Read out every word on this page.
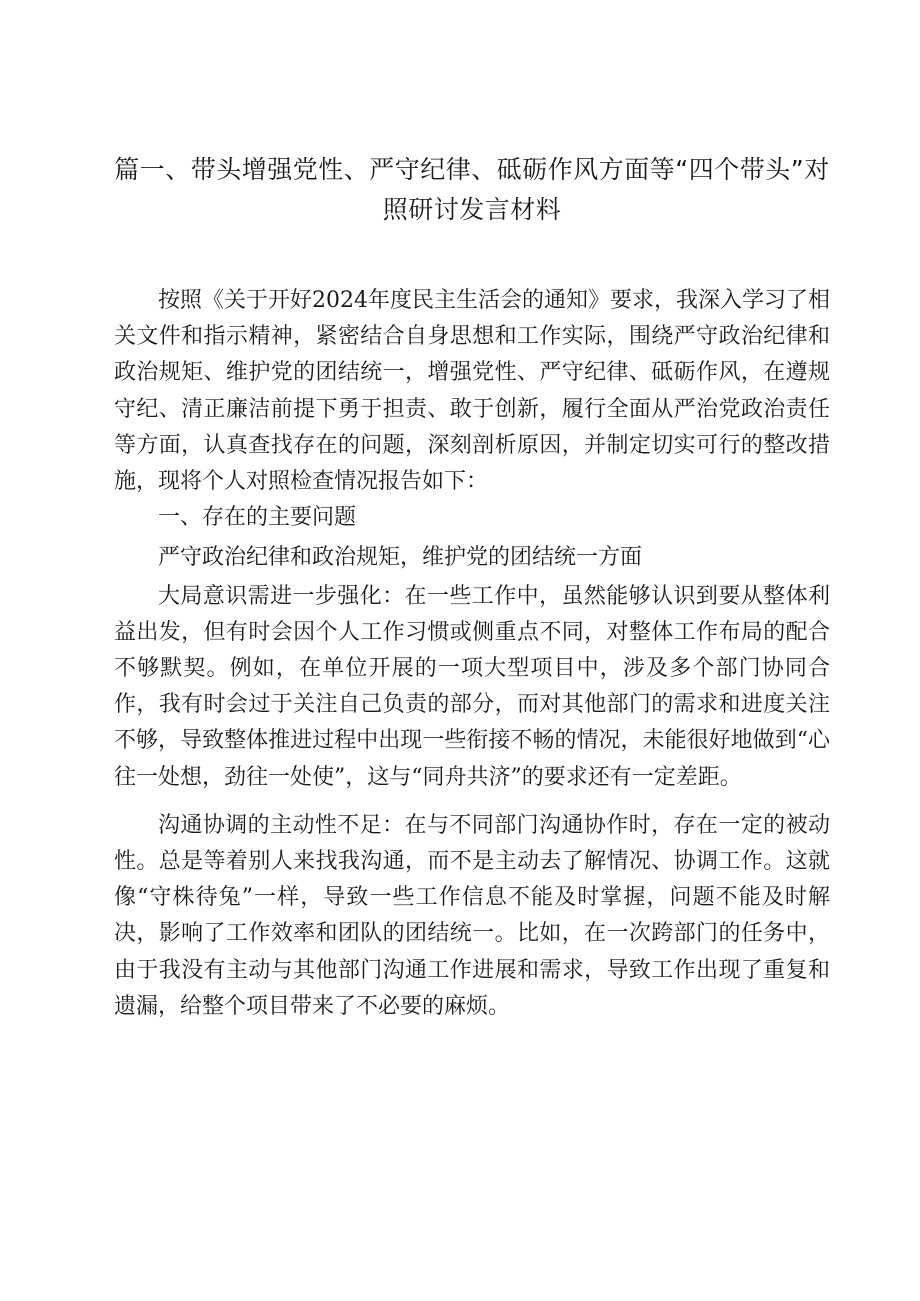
篇一、带头增强党性、严守纪律、砥砺作风方面等“四个带头”对
照研讨发言材料

按照《关于开好2024年度民主生活会的通知》要求，我深入学习了相关文件和指示精神，紧密结合自身思想和工作实际，围绕严守政治纪律和政治规矩、维护党的团结统一，增强党性、严守纪律、砥砺作风，在遵规守纪、清正廉洁前提下勇于担责、敢于创新，履行全面从严治党政治责任等方面，认真查找存在的问题，深刻剖析原因，并制定切实可行的整改措施，现将个人对照检查情况报告如下：

一、存在的主要问题

严守政治纪律和政治规矩，维护党的团结统一方面

大局意识需进一步强化：在一些工作中，虽然能够认识到要从整体利益出发，但有时会因个人工作习惯或侧重点不同，对整体工作布局的配合不够默契。例如，在单位开展的一项大型项目中，涉及多个部门协同合作，我有时会过于关注自己负责的部分，而对其他部门的需求和进度关注不够，导致整体推进过程中出现一些衔接不畅的情况，未能很好地做到“心往一处想，劲往一处使”，这与“同舟共济”的要求还有一定差距。

沟通协调的主动性不足：在与不同部门沟通协作时，存在一定的被动性。总是等着别人来找我沟通，而不是主动去了解情况、协调工作。这就像“守株待兔”一样，导致一些工作信息不能及时掌握，问题不能及时解决，影响了工作效率和团队的团结统一。比如，在一次跨部门的任务中，由于我没有主动与其他部门沟通工作进展和需求，导致工作出现了重复和遗漏，给整个项目带来了不必要的麻烦。
